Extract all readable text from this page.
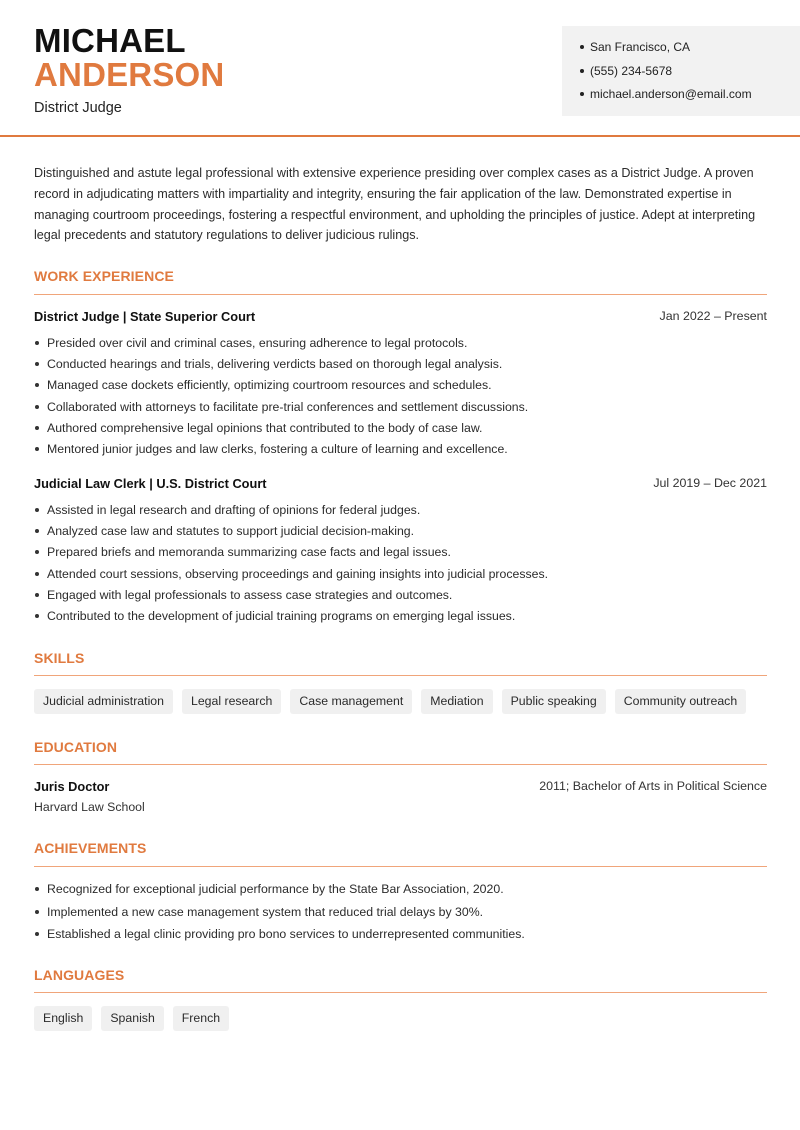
MICHAEL
ANDERSON
District Judge
San Francisco, CA
(555) 234-5678
michael.anderson@email.com
Distinguished and astute legal professional with extensive experience presiding over complex cases as a District Judge. A proven record in adjudicating matters with impartiality and integrity, ensuring the fair application of the law. Demonstrated expertise in managing courtroom proceedings, fostering a respectful environment, and upholding the principles of justice. Adept at interpreting legal precedents and statutory regulations to deliver judicious rulings.
WORK EXPERIENCE
District Judge | State Superior Court	Jan 2022 – Present
Presided over civil and criminal cases, ensuring adherence to legal protocols.
Conducted hearings and trials, delivering verdicts based on thorough legal analysis.
Managed case dockets efficiently, optimizing courtroom resources and schedules.
Collaborated with attorneys to facilitate pre-trial conferences and settlement discussions.
Authored comprehensive legal opinions that contributed to the body of case law.
Mentored junior judges and law clerks, fostering a culture of learning and excellence.
Judicial Law Clerk | U.S. District Court	Jul 2019 – Dec 2021
Assisted in legal research and drafting of opinions for federal judges.
Analyzed case law and statutes to support judicial decision-making.
Prepared briefs and memoranda summarizing case facts and legal issues.
Attended court sessions, observing proceedings and gaining insights into judicial processes.
Engaged with legal professionals to assess case strategies and outcomes.
Contributed to the development of judicial training programs on emerging legal issues.
SKILLS
Judicial administration	Legal research	Case management	Mediation	Public speaking	Community outreach
EDUCATION
Juris Doctor	2011; Bachelor of Arts in Political Science
Harvard Law School
ACHIEVEMENTS
Recognized for exceptional judicial performance by the State Bar Association, 2020.
Implemented a new case management system that reduced trial delays by 30%.
Established a legal clinic providing pro bono services to underrepresented communities.
LANGUAGES
English	Spanish	French
